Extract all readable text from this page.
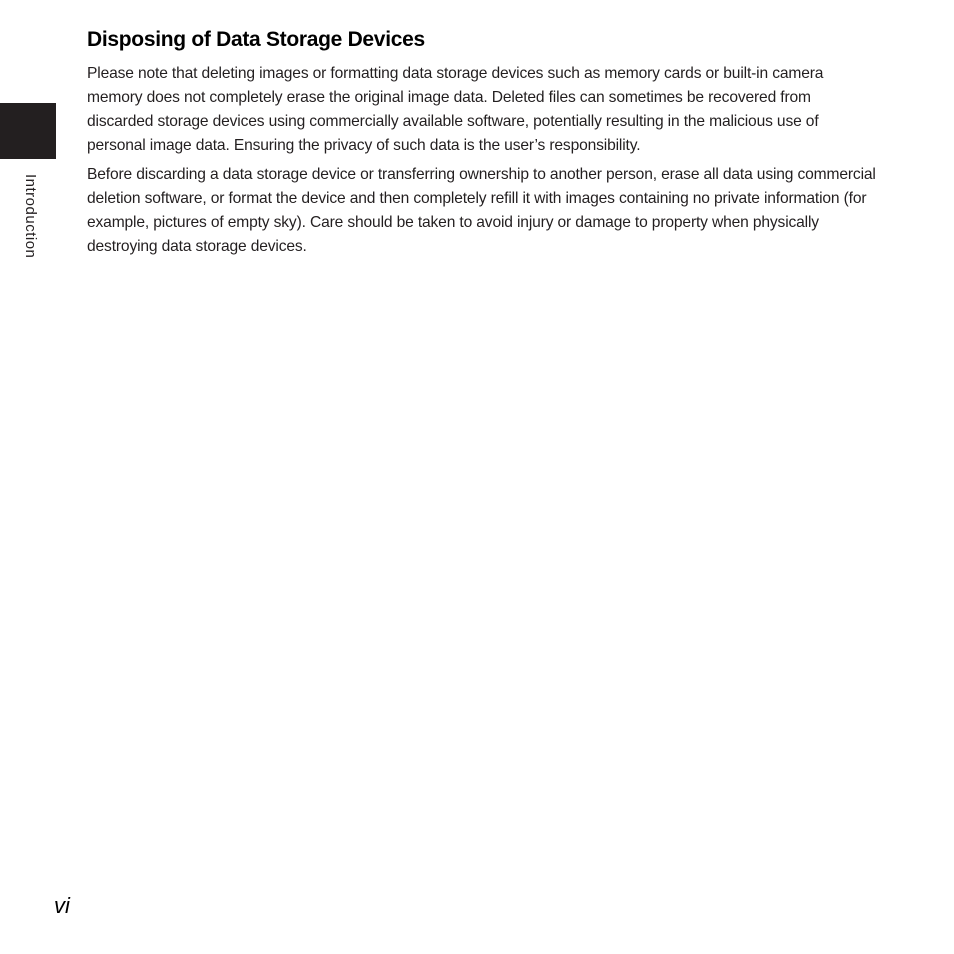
Introduction
Disposing of Data Storage Devices

Please note that deleting images or formatting data storage devices such as memory cards or built-in camera memory does not completely erase the original image data. Deleted files can sometimes be recovered from discarded storage devices using commercially available software, potentially resulting in the malicious use of personal image data. Ensuring the privacy of such data is the user’s responsibility.

Before discarding a data storage device or transferring ownership to another person, erase all data using commercial deletion software, or format the device and then completely refill it with images containing no private information (for example, pictures of empty sky). Care should be taken to avoid injury or damage to property when physically destroying data storage devices.

vi
